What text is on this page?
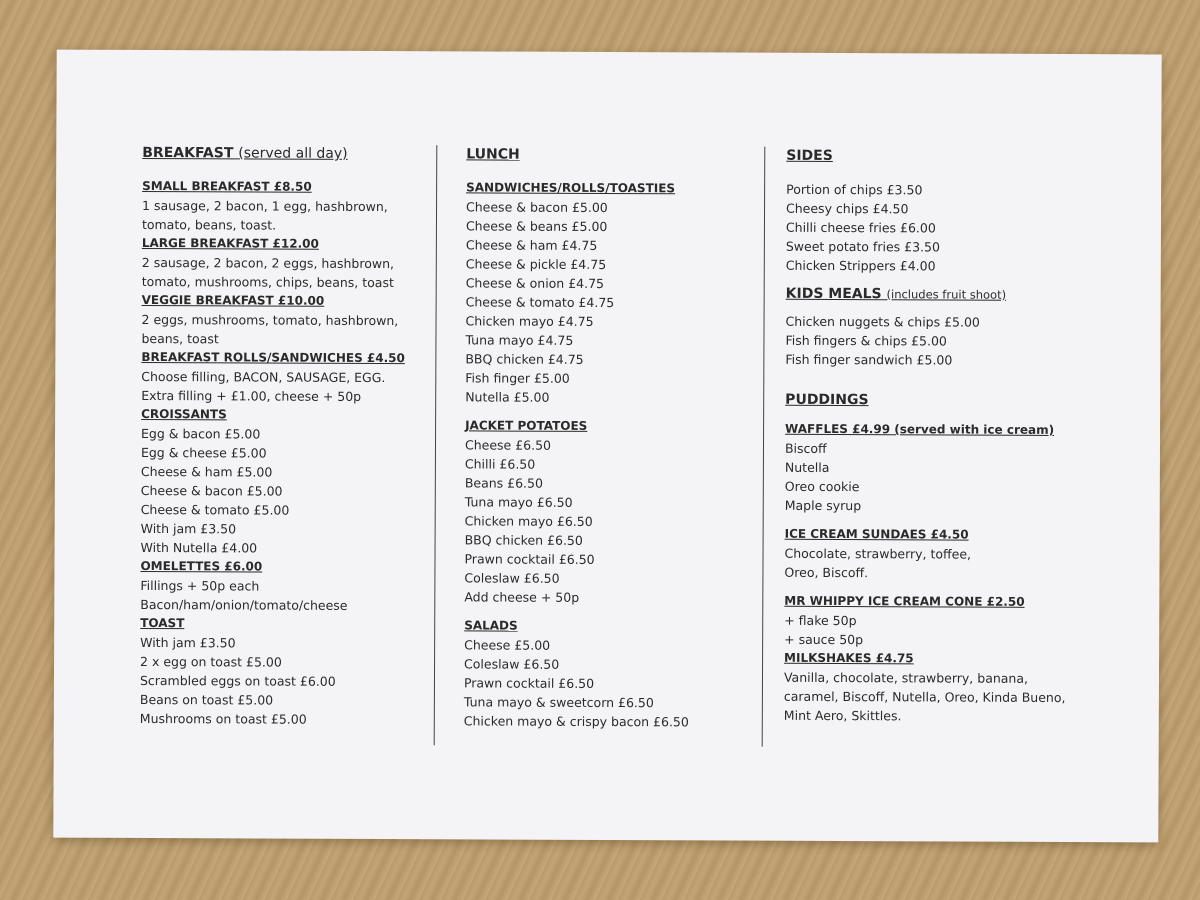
BREAKFAST (served all day)
SMALL BREAKFAST £8.50
1 sausage, 2 bacon, 1 egg, hashbrown,
tomato, beans, toast.
LARGE BREAKFAST £12.00
2 sausage, 2 bacon, 2 eggs, hashbrown,
tomato, mushrooms, chips, beans, toast
VEGGIE BREAKFAST £10.00
2 eggs, mushrooms, tomato, hashbrown,
beans, toast
BREAKFAST ROLLS/SANDWICHES £4.50
Choose filling, BACON, SAUSAGE, EGG.
Extra filling + £1.00, cheese + 50p
CROISSANTS
Egg & bacon £5.00
Egg & cheese £5.00
Cheese & ham £5.00
Cheese & bacon £5.00
Cheese & tomato £5.00
With jam £3.50
With Nutella £4.00
OMELETTES £6.00
Fillings + 50p each
Bacon/ham/onion/tomato/cheese
TOAST
With jam £3.50
2 x egg on toast £5.00
Scrambled eggs on toast £6.00
Beans on toast £5.00
Mushrooms on toast £5.00
LUNCH
SANDWICHES/ROLLS/TOASTIES
Cheese & bacon £5.00
Cheese & beans £5.00
Cheese & ham £4.75
Cheese & pickle £4.75
Cheese & onion £4.75
Cheese & tomato £4.75
Chicken mayo £4.75
Tuna mayo £4.75
BBQ chicken £4.75
Fish finger £5.00
Nutella £5.00
JACKET POTATOES
Cheese £6.50
Chilli £6.50
Beans £6.50
Tuna mayo £6.50
Chicken mayo £6.50
BBQ chicken £6.50
Prawn cocktail £6.50
Coleslaw £6.50
Add cheese + 50p
SALADS
Cheese £5.00
Coleslaw £6.50
Prawn cocktail £6.50
Tuna mayo & sweetcorn £6.50
Chicken mayo & crispy bacon £6.50
SIDES
Portion of chips £3.50
Cheesy chips £4.50
Chilli cheese fries £6.00
Sweet potato fries £3.50
Chicken Strippers £4.00
KIDS MEALS (includes fruit shoot)
Chicken nuggets & chips £5.00
Fish fingers & chips £5.00
Fish finger sandwich £5.00
PUDDINGS
WAFFLES £4.99 (served with ice cream)
Biscoff
Nutella
Oreo cookie
Maple syrup
ICE CREAM SUNDAES £4.50
Chocolate, strawberry, toffee,
Oreo, Biscoff.
MR WHIPPY ICE CREAM CONE £2.50
+ flake 50p
+ sauce 50p
MILKSHAKES £4.75
Vanilla, chocolate, strawberry, banana,
caramel, Biscoff, Nutella, Oreo, Kinda Bueno,
Mint Aero, Skittles.
